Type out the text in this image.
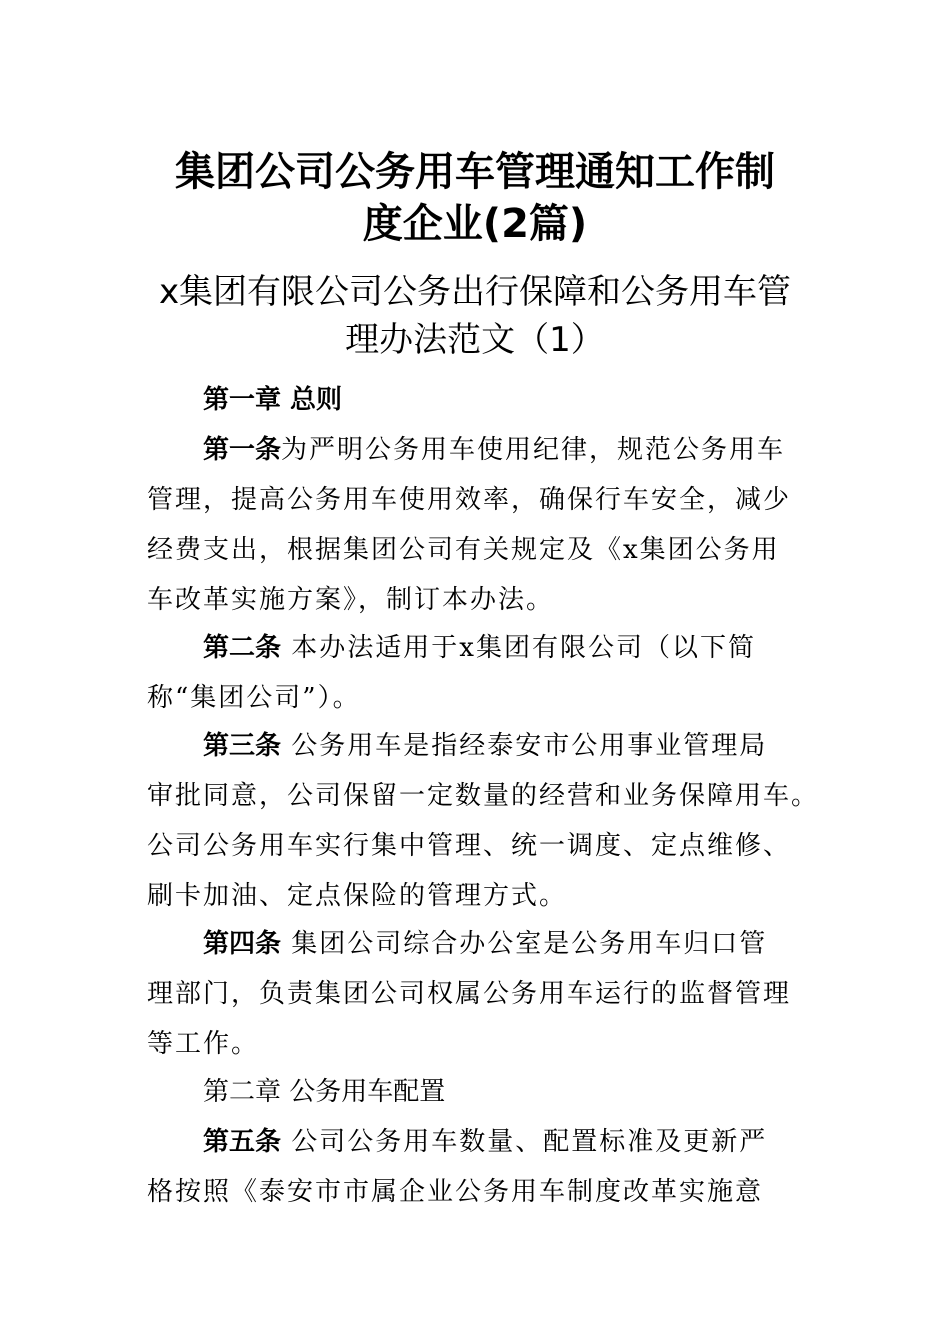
集团公司公务用车管理通知工作制
度企业(2篇)
x集团有限公司公务出行保障和公务用车管
理办法范文（1）
第一章 总则
第一条为严明公务用车使用纪律，规范公务用车
管理，提高公务用车使用效率，确保行车安全，减少
经费支出，根据集团公司有关规定及《x集团公务用
车改革实施方案》，制订本办法。
第二条 本办法适用于x集团有限公司（以下简
称“集团公司”）。
第三条 公务用车是指经泰安市公用事业管理局
审批同意，公司保留一定数量的经营和业务保障用车。
公司公务用车实行集中管理、统一调度、定点维修、
刷卡加油、定点保险的管理方式。
第四条 集团公司综合办公室是公务用车归口管
理部门，负责集团公司权属公务用车运行的监督管理
等工作。
第二章 公务用车配置
第五条 公司公务用车数量、配置标准及更新严
格按照《泰安市市属企业公务用车制度改革实施意
